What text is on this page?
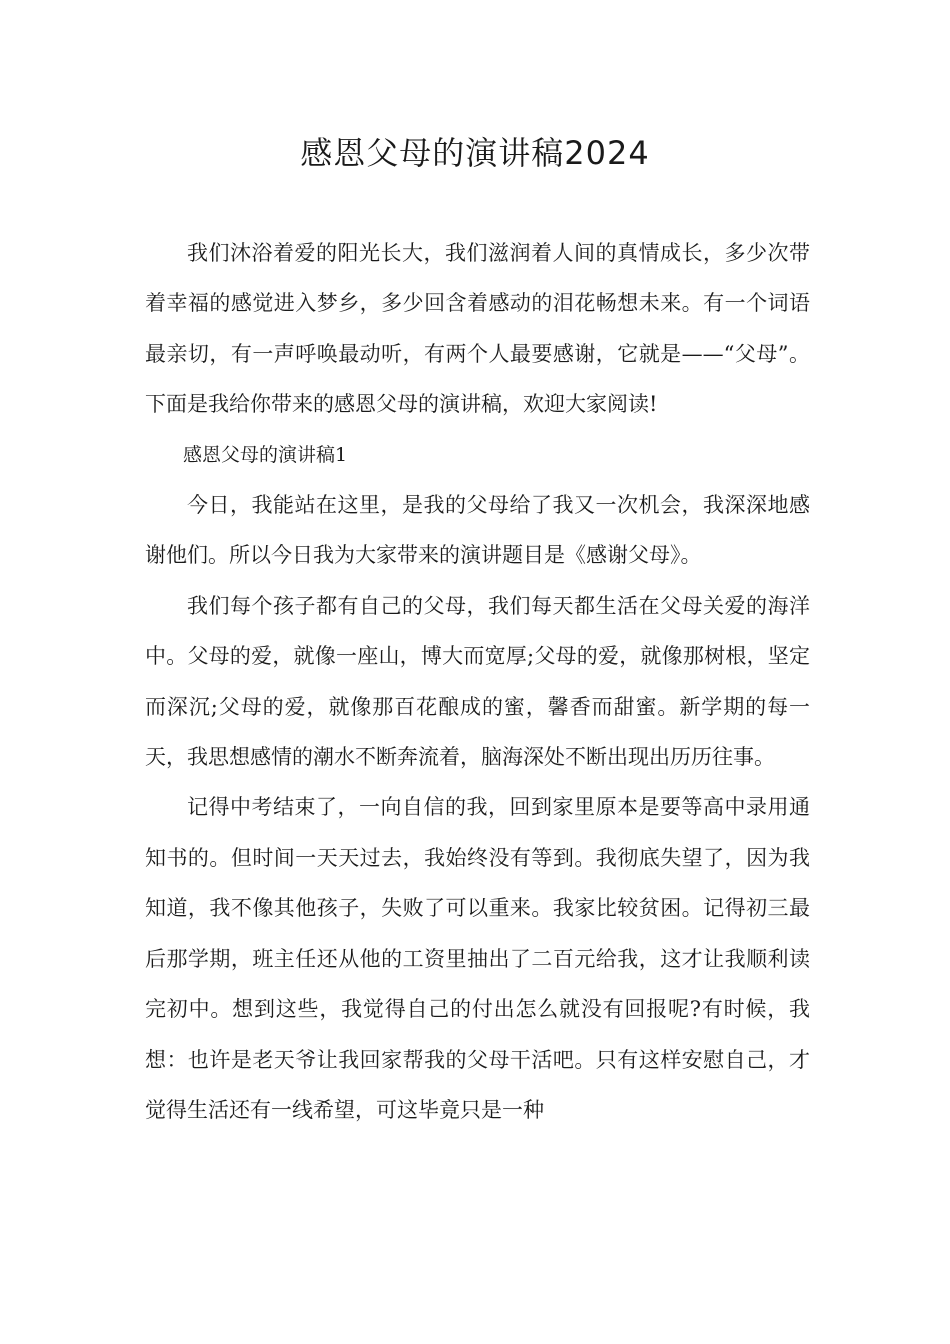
感恩父母的演讲稿2024

我们沐浴着爱的阳光长大，我们滋润着人间的真情成长，多少次带着幸福的感觉进入梦乡，多少回含着感动的泪花畅想未来。有一个词语最亲切，有一声呼唤最动听，有两个人最要感谢，它就是——“父母”。下面是我给你带来的感恩父母的演讲稿，欢迎大家阅读!

感恩父母的演讲稿1

今日，我能站在这里，是我的父母给了我又一次机会，我深深地感谢他们。所以今日我为大家带来的演讲题目是《感谢父母》。

我们每个孩子都有自己的父母，我们每天都生活在父母关爱的海洋中。父母的爱，就像一座山，博大而宽厚;父母的爱，就像那树根，坚定而深沉;父母的爱，就像那百花酿成的蜜，馨香而甜蜜。新学期的每一天，我思想感情的潮水不断奔流着，脑海深处不断出现出历历往事。

记得中考结束了，一向自信的我，回到家里原本是要等高中录用通知书的。但时间一天天过去，我始终没有等到。我彻底失望了，因为我知道，我不像其他孩子，失败了可以重来。我家比较贫困。记得初三最后那学期，班主任还从他的工资里抽出了二百元给我，这才让我顺利读完初中。想到这些，我觉得自己的付出怎么就没有回报呢?有时候，我想：也许是老天爷让我回家帮我的父母干活吧。只有这样安慰自己，才觉得生活还有一线希望，可这毕竟只是一种
